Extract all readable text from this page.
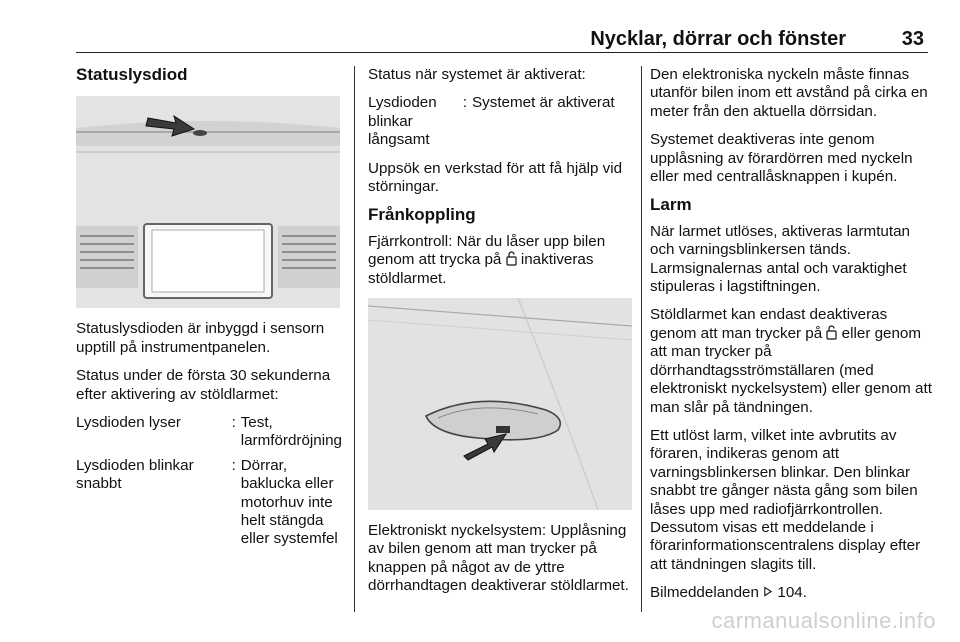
Nycklar, dörrar och fönster	33
Statuslysdiod

Statuslysdioden är inbyggd i sensorn upptill på instrumentpanelen.

Status under de första 30 sekunderna efter aktivering av stöldlarmet:

Lysdioden lyser	: Test, larmfördröjning
Lysdioden blinkar snabbt
: Dörrar, baklucka eller motorhuv inte helt stängda eller systemfel

Status när systemet är aktiverat:

Lysdioden blinkar långsamt
: Systemet är aktiverat

Uppsök en verkstad för att få hjälp vid störningar.

Frånkoppling

Fjärrkontroll: När du låser upp bilen genom att trycka på inaktiveras stöldlarmet.

Elektroniskt nyckelsystem: Upplåsning av bilen genom att man trycker på knappen på något av de yttre dörrhandtagen deaktiverar stöldlarmet.

Den elektroniska nyckeln måste finnas utanför bilen inom ett avstånd på cirka en meter från den aktuella dörrsidan.

Systemet deaktiveras inte genom upplåsning av förardörren med nyckeln eller med centrallåsknappen i kupén.

Larm

När larmet utlöses, aktiveras larmtutan och varningsblinkersen tänds. Larmsignalernas antal och varaktighet stipuleras i lagstiftningen.

Stöldlarmet kan endast deaktiveras genom att man trycker på eller genom att man trycker på dörrhandtagsströmställaren (med elektroniskt nyckelsystem) eller genom att man slår på tändningen.

Ett utlöst larm, vilket inte avbrutits av föraren, indikeras genom att varningsblinkersen blinkar. Den blinkar snabbt tre gånger nästa gång som bilen låses upp med radiofjärrkontrollen. Dessutom visas ett meddelande i förarinformationscentralens display efter att tändningen slagits till.

Bilmeddelanden 104.

carmanualsonline.info
